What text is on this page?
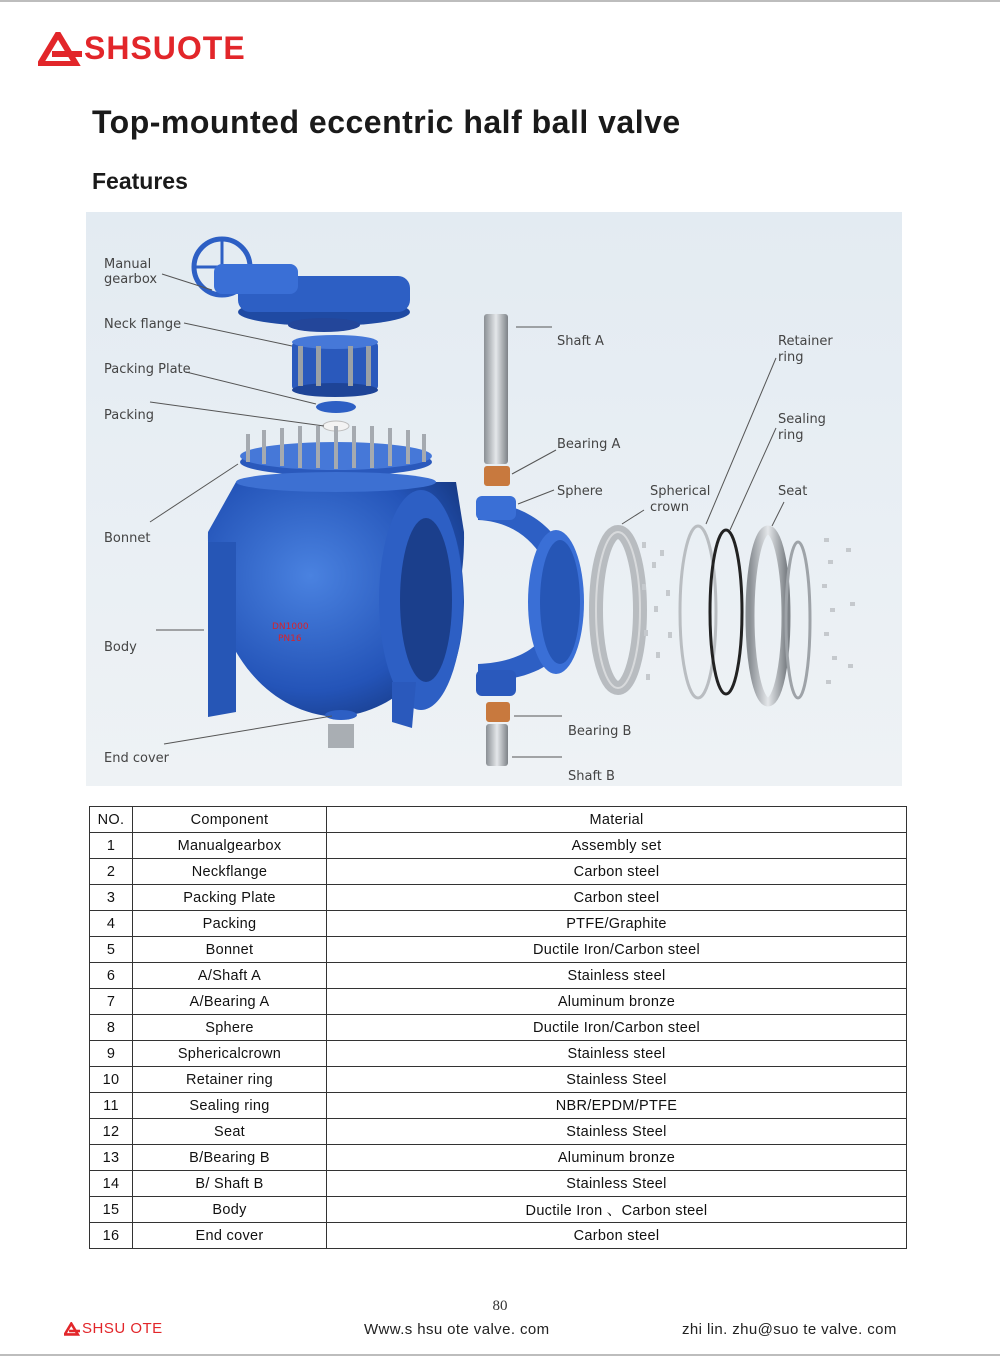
SHSUOTE
Top-mounted eccentric half ball valve
Features
DN1000
PN16
Manual
gearbox
Neck flange
Packing Plate
Packing
Bonnet
Body
End cover
Shaft A
Bearing A
Sphere	Spherical
crown
Retainer
ring
Sealing
ring
Seat
Bearing B
Shaft B
NO.	Component	Material
1	Manualgearbox	Assembly set
2	Neckflange	Carbon steel
3	Packing Plate	Carbon steel
4	Packing	PTFE/Graphite
5	Bonnet	Ductile Iron/Carbon steel
6	A/Shaft A	Stainless steel
7	A/Bearing A	Aluminum bronze
8	Sphere	Ductile Iron/Carbon steel
9	Sphericalcrown	Stainless steel
10	Retainer ring	Stainless Steel
11	Sealing ring	NBR/EPDM/PTFE
12	Seat	Stainless Steel
13	B/Bearing B	Aluminum bronze
14	B/ Shaft B	Stainless Steel
15	Body	Ductile Iron 、Carbon steel
16	End cover	Carbon steel
80
SHSU OTE	Www.s hsu ote valve. com	zhi lin. zhu@suo te valve. com
